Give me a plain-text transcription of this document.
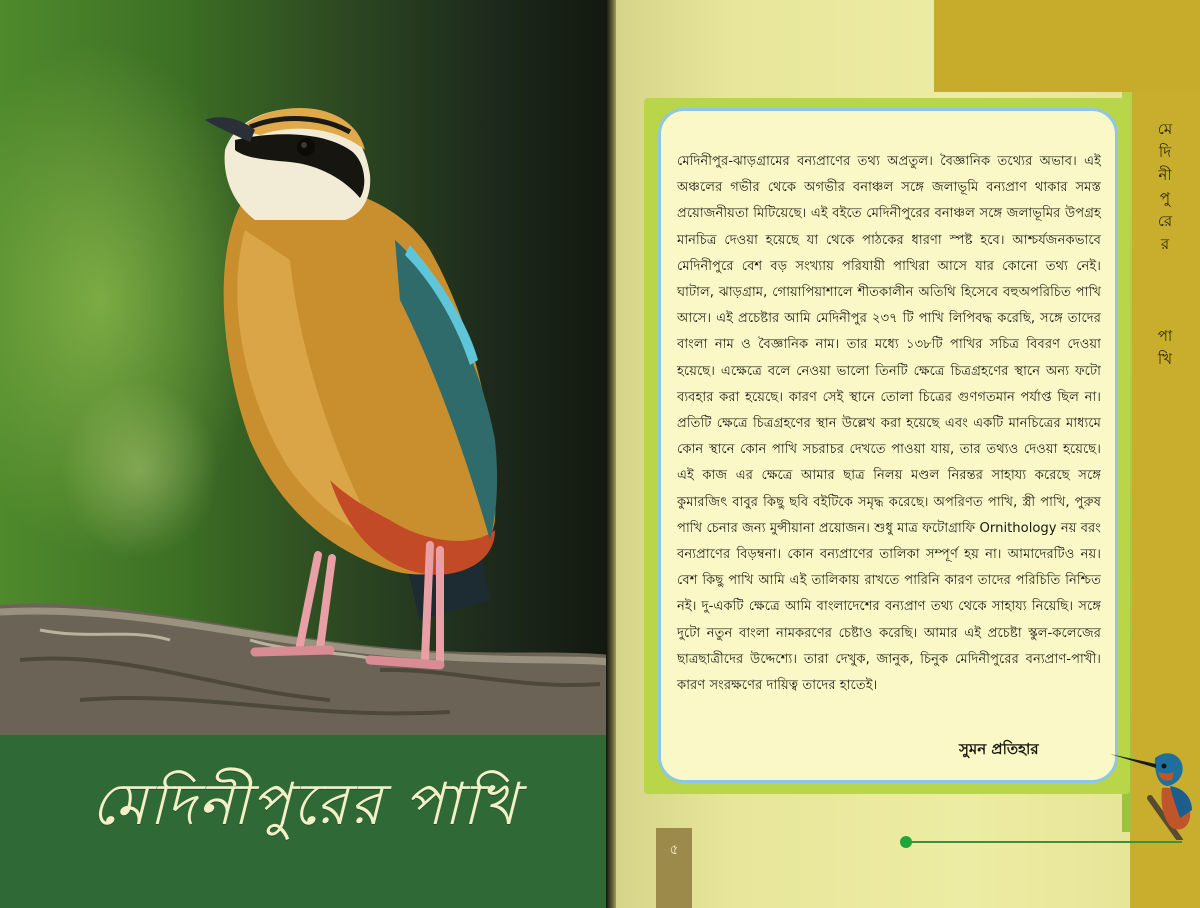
মেদিনীপুরের পাখি
মে
দি
নী
পু
রে
র
পা
খি

মেদিনীপুর-ঝাড়গ্রামের বন্যপ্রাণের তথ্য অপ্রতুল। বৈজ্ঞানিক তথ্যের অভাব। এই অঞ্চলের গভীর থেকে অগভীর বনাঞ্চল সঙ্গে জলাভূমি বন্যপ্রাণ থাকার সমস্ত প্রয়োজনীয়তা মিটিয়েছে। এই বইতে মেদিনীপুরের বনাঞ্চল সঙ্গে জলাভূমির উপগ্রহ মানচিত্র দেওয়া হয়েছে যা থেকে পাঠকের ধারণা স্পষ্ট হবে। আশ্চর্যজনকভাবে মেদিনীপুরে বেশ বড় সংখ্যায় পরিযায়ী পাখিরা আসে যার কোনো তথ্য নেই। ঘাটাল, ঝাড়গ্রাম, গোয়াপিয়াশালে শীতকালীন অতিথি হিসেবে বহুঅপরিচিত পাখি আসে। এই প্রচেষ্টার আমি মেদিনীপুর ২৩৭ টি পাখি লিপিবদ্ধ করেছি, সঙ্গে তাদের বাংলা নাম ও বৈজ্ঞানিক নাম। তার মধ্যে ১৩৮টি পাখির সচিত্র বিবরণ দেওয়া হয়েছে। এক্ষেত্রে বলে নেওয়া ভালো তিনটি ক্ষেত্রে চিত্রগ্রহণের স্থানে অন্য ফটো ব্যবহার করা হয়েছে। কারণ সেই স্থানে তোলা চিত্রের গুণগতমান পর্যাপ্ত ছিল না। প্রতিটি ক্ষেত্রে চিত্রগ্রহণের স্থান উল্লেখ করা হয়েছে এবং একটি মানচিত্রের মাধ্যমে কোন স্থানে কোন পাখি সচরাচর দেখতে পাওয়া যায়, তার তথ্যও দেওয়া হয়েছে। এই কাজ এর ক্ষেত্রে আমার ছাত্র নিলয় মণ্ডল নিরন্তর সাহায্য করেছে সঙ্গে কুমারজিৎ বাবুর কিছু ছবি বইটিকে সমৃদ্ধ করেছে। অপরিণত পাখি, স্ত্রী পাখি, পুরুষ পাখি চেনার জন্য মুন্সীয়ানা প্রয়োজন। শুধু মাত্র ফটোগ্রাফি Ornithology নয় বরং বন্যপ্রাণের বিড়ম্বনা। কোন বন্যপ্রাণের তালিকা সম্পূর্ণ হয় না। আমাদেরটিও নয়। বেশ কিছু পাখি আমি এই তালিকায় রাখতে পারিনি কারণ তাদের পরিচিতি নিশ্চিত নই। দু-একটি ক্ষেত্রে আমি বাংলাদেশের বন্যপ্রাণ তথ্য থেকে সাহায্য নিয়েছি। সঙ্গে দুটো নতুন বাংলা নামকরণের চেষ্টাও করেছি। আমার এই প্রচেষ্টা স্কুল-কলেজের ছাত্রছাত্রীদের উদ্দেশ্যে। তারা দেখুক, জানুক, চিনুক মেদিনীপুরের বন্যপ্রাণ-পাখী। কারণ সংরক্ষণের দায়িত্ব তাদের হাতেই।

সুমন প্রতিহার
৫
